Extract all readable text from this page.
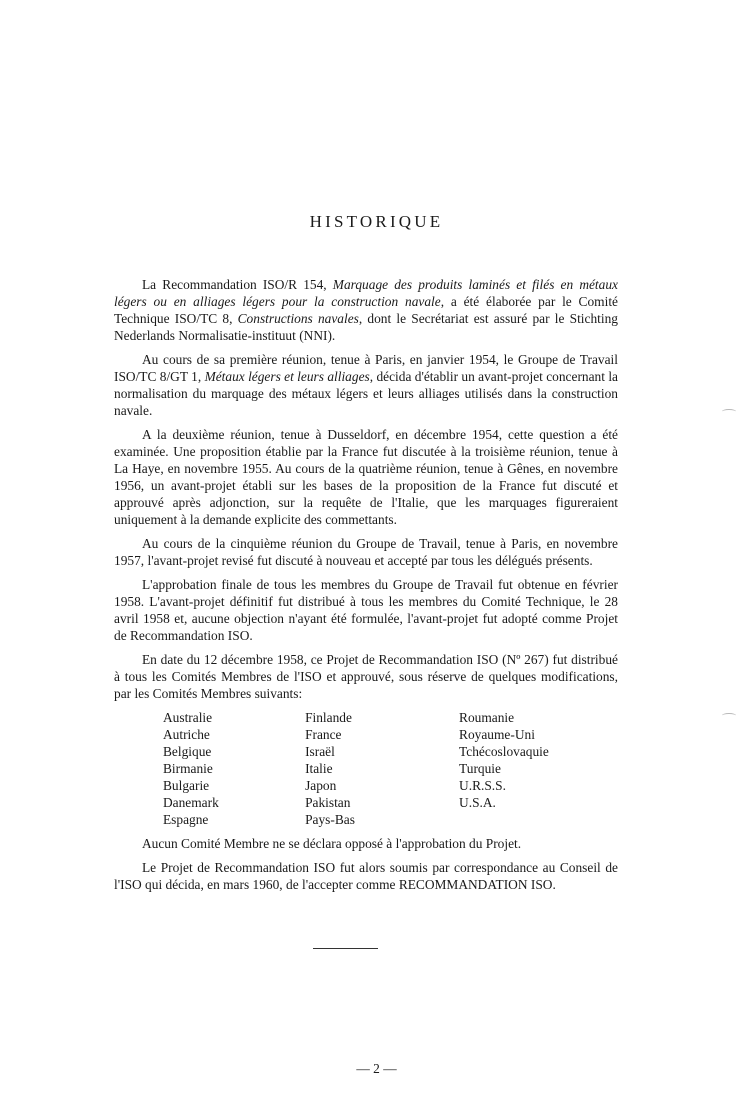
HISTORIQUE

La Recommandation ISO/R 154, Marquage des produits laminés et filés en métaux légers ou en alliages légers pour la construction navale, a été élaborée par le Comité Technique ISO/TC 8, Constructions navales, dont le Secrétariat est assuré par le Stichting Nederlands Normalisatie-instituut (NNI).

Au cours de sa première réunion, tenue à Paris, en janvier 1954, le Groupe de Travail ISO/TC 8/GT 1, Métaux légers et leurs alliages, décida d'établir un avant-projet concernant la normalisation du marquage des métaux légers et leurs alliages utilisés dans la construction navale.

A la deuxième réunion, tenue à Dusseldorf, en décembre 1954, cette question a été examinée. Une proposition établie par la France fut discutée à la troisième réunion, tenue à La Haye, en novembre 1955. Au cours de la quatrième réunion, tenue à Gênes, en novembre 1956, un avant-projet établi sur les bases de la proposition de la France fut discuté et approuvé après adjonction, sur la requête de l'Italie, que les marquages figureraient uniquement à la demande explicite des commettants.

Au cours de la cinquième réunion du Groupe de Travail, tenue à Paris, en novembre 1957, l'avant-projet revisé fut discuté à nouveau et accepté par tous les délégués présents.

L'approbation finale de tous les membres du Groupe de Travail fut obtenue en février 1958. L'avant-projet définitif fut distribué à tous les membres du Comité Technique, le 28 avril 1958 et, aucune objection n'ayant été formulée, l'avant-projet fut adopté comme Projet de Recommandation ISO.

En date du 12 décembre 1958, ce Projet de Recommandation ISO (Nº 267) fut distribué à tous les Comités Membres de l'ISO et approuvé, sous réserve de quelques modifications, par les Comités Membres suivants:

Australie
Autriche
Belgique
Birmanie
Bulgarie
Danemark
Espagne
Finlande
France
Israël
Italie
Japon
Pakistan
Pays-Bas
Roumanie
Royaume-Uni
Tchécoslovaquie
Turquie
U.R.S.S.
U.S.A.

Aucun Comité Membre ne se déclara opposé à l'approbation du Projet.

Le Projet de Recommandation ISO fut alors soumis par correspondance au Conseil de l'ISO qui décida, en mars 1960, de l'accepter comme RECOMMANDATION ISO.

— 2 —
